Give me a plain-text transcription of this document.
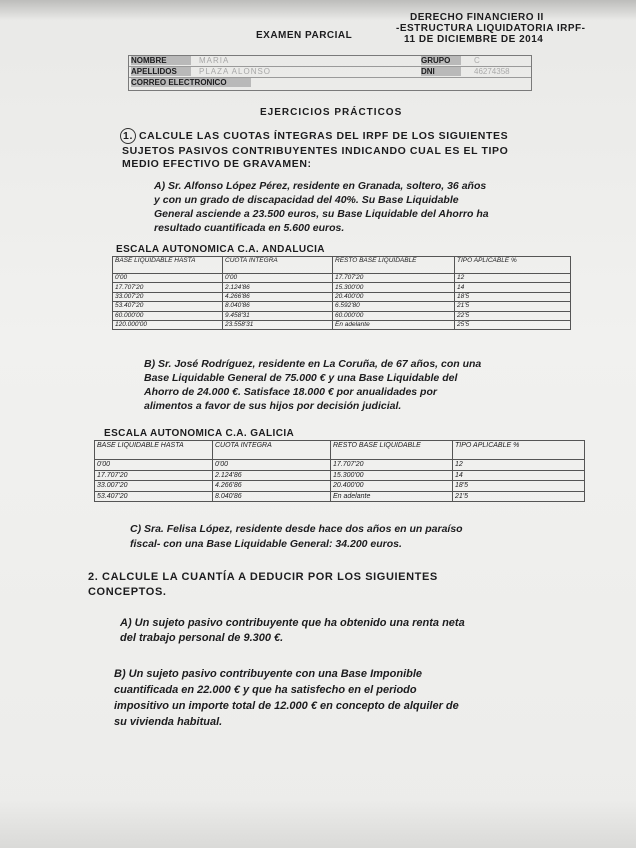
DERECHO FINANCIERO II
-ESTRUCTURA LIQUIDATORIA IRPF-
11 DE DICIEMBRE DE 2014
EXAMEN PARCIAL
NOMBRE	MARIA	GRUPO	C
APELLIDOS	PLAZA ALONSO	DNI	46274358
CORREO ELECTRONICO
EJERCICIOS PRÁCTICOS
1. CALCULE LAS CUOTAS ÍNTEGRAS DEL IRPF DE LOS SIGUIENTES
SUJETOS PASIVOS CONTRIBUYENTES INDICANDO CUAL ES EL TIPO
MEDIO EFECTIVO DE GRAVAMEN:
A) Sr. Alfonso López Pérez, residente en Granada, soltero, 36 años
y con un grado de discapacidad del 40%. Su Base Liquidable
General asciende a 23.500 euros, su Base Liquidable del Ahorro ha
resultado cuantificada en 5.600 euros.
ESCALA AUTONOMICA C.A. ANDALUCIA
BASE LIQUIDABLE HASTA	CUOTA INTEGRA	RESTO BASE LIQUIDABLE	TIPO APLICABLE %
0'00	0'00	17.707'20	12
17.707'20	2.124'86	15.300'00	14
33.007'20	4.266'86	20.400'00	18'5
53.407'20	8.040'86	6.592'80	21'5
60.000'00	9.458'31	60.000'00	22'5
120.000'00	23.558'31	En adelante	25'5
B) Sr. José Rodríguez, residente en La Coruña, de 67 años, con una
Base Liquidable General de 75.000 € y una Base Liquidable del
Ahorro de 24.000 €. Satisface 18.000 € por anualidades por
alimentos a favor de sus hijos por decisión judicial.
ESCALA AUTONOMICA C.A. GALICIA
BASE LIQUIDABLE HASTA	CUOTA INTEGRA	RESTO BASE LIQUIDABLE	TIPO APLICABLE %
0'00	0'00	17.707'20	12
17.707'20	2.124'86	15.300'00	14
33.007'20	4.266'86	20.400'00	18'5
53.407'20	8.040'86	En adelante	21'5
C) Sra. Felisa López, residente desde hace dos años en un paraíso
fiscal- con una Base Liquidable General: 34.200 euros.
2. CALCULE LA CUANTÍA A DEDUCIR POR LOS SIGUIENTES
CONCEPTOS.
A) Un sujeto pasivo contribuyente que ha obtenido una renta neta
del trabajo personal de 9.300 €.
B) Un sujeto pasivo contribuyente con una Base Imponible
cuantificada en 22.000 € y que ha satisfecho en el periodo
impositivo un importe total de 12.000 € en concepto de alquiler de
su vivienda habitual.
